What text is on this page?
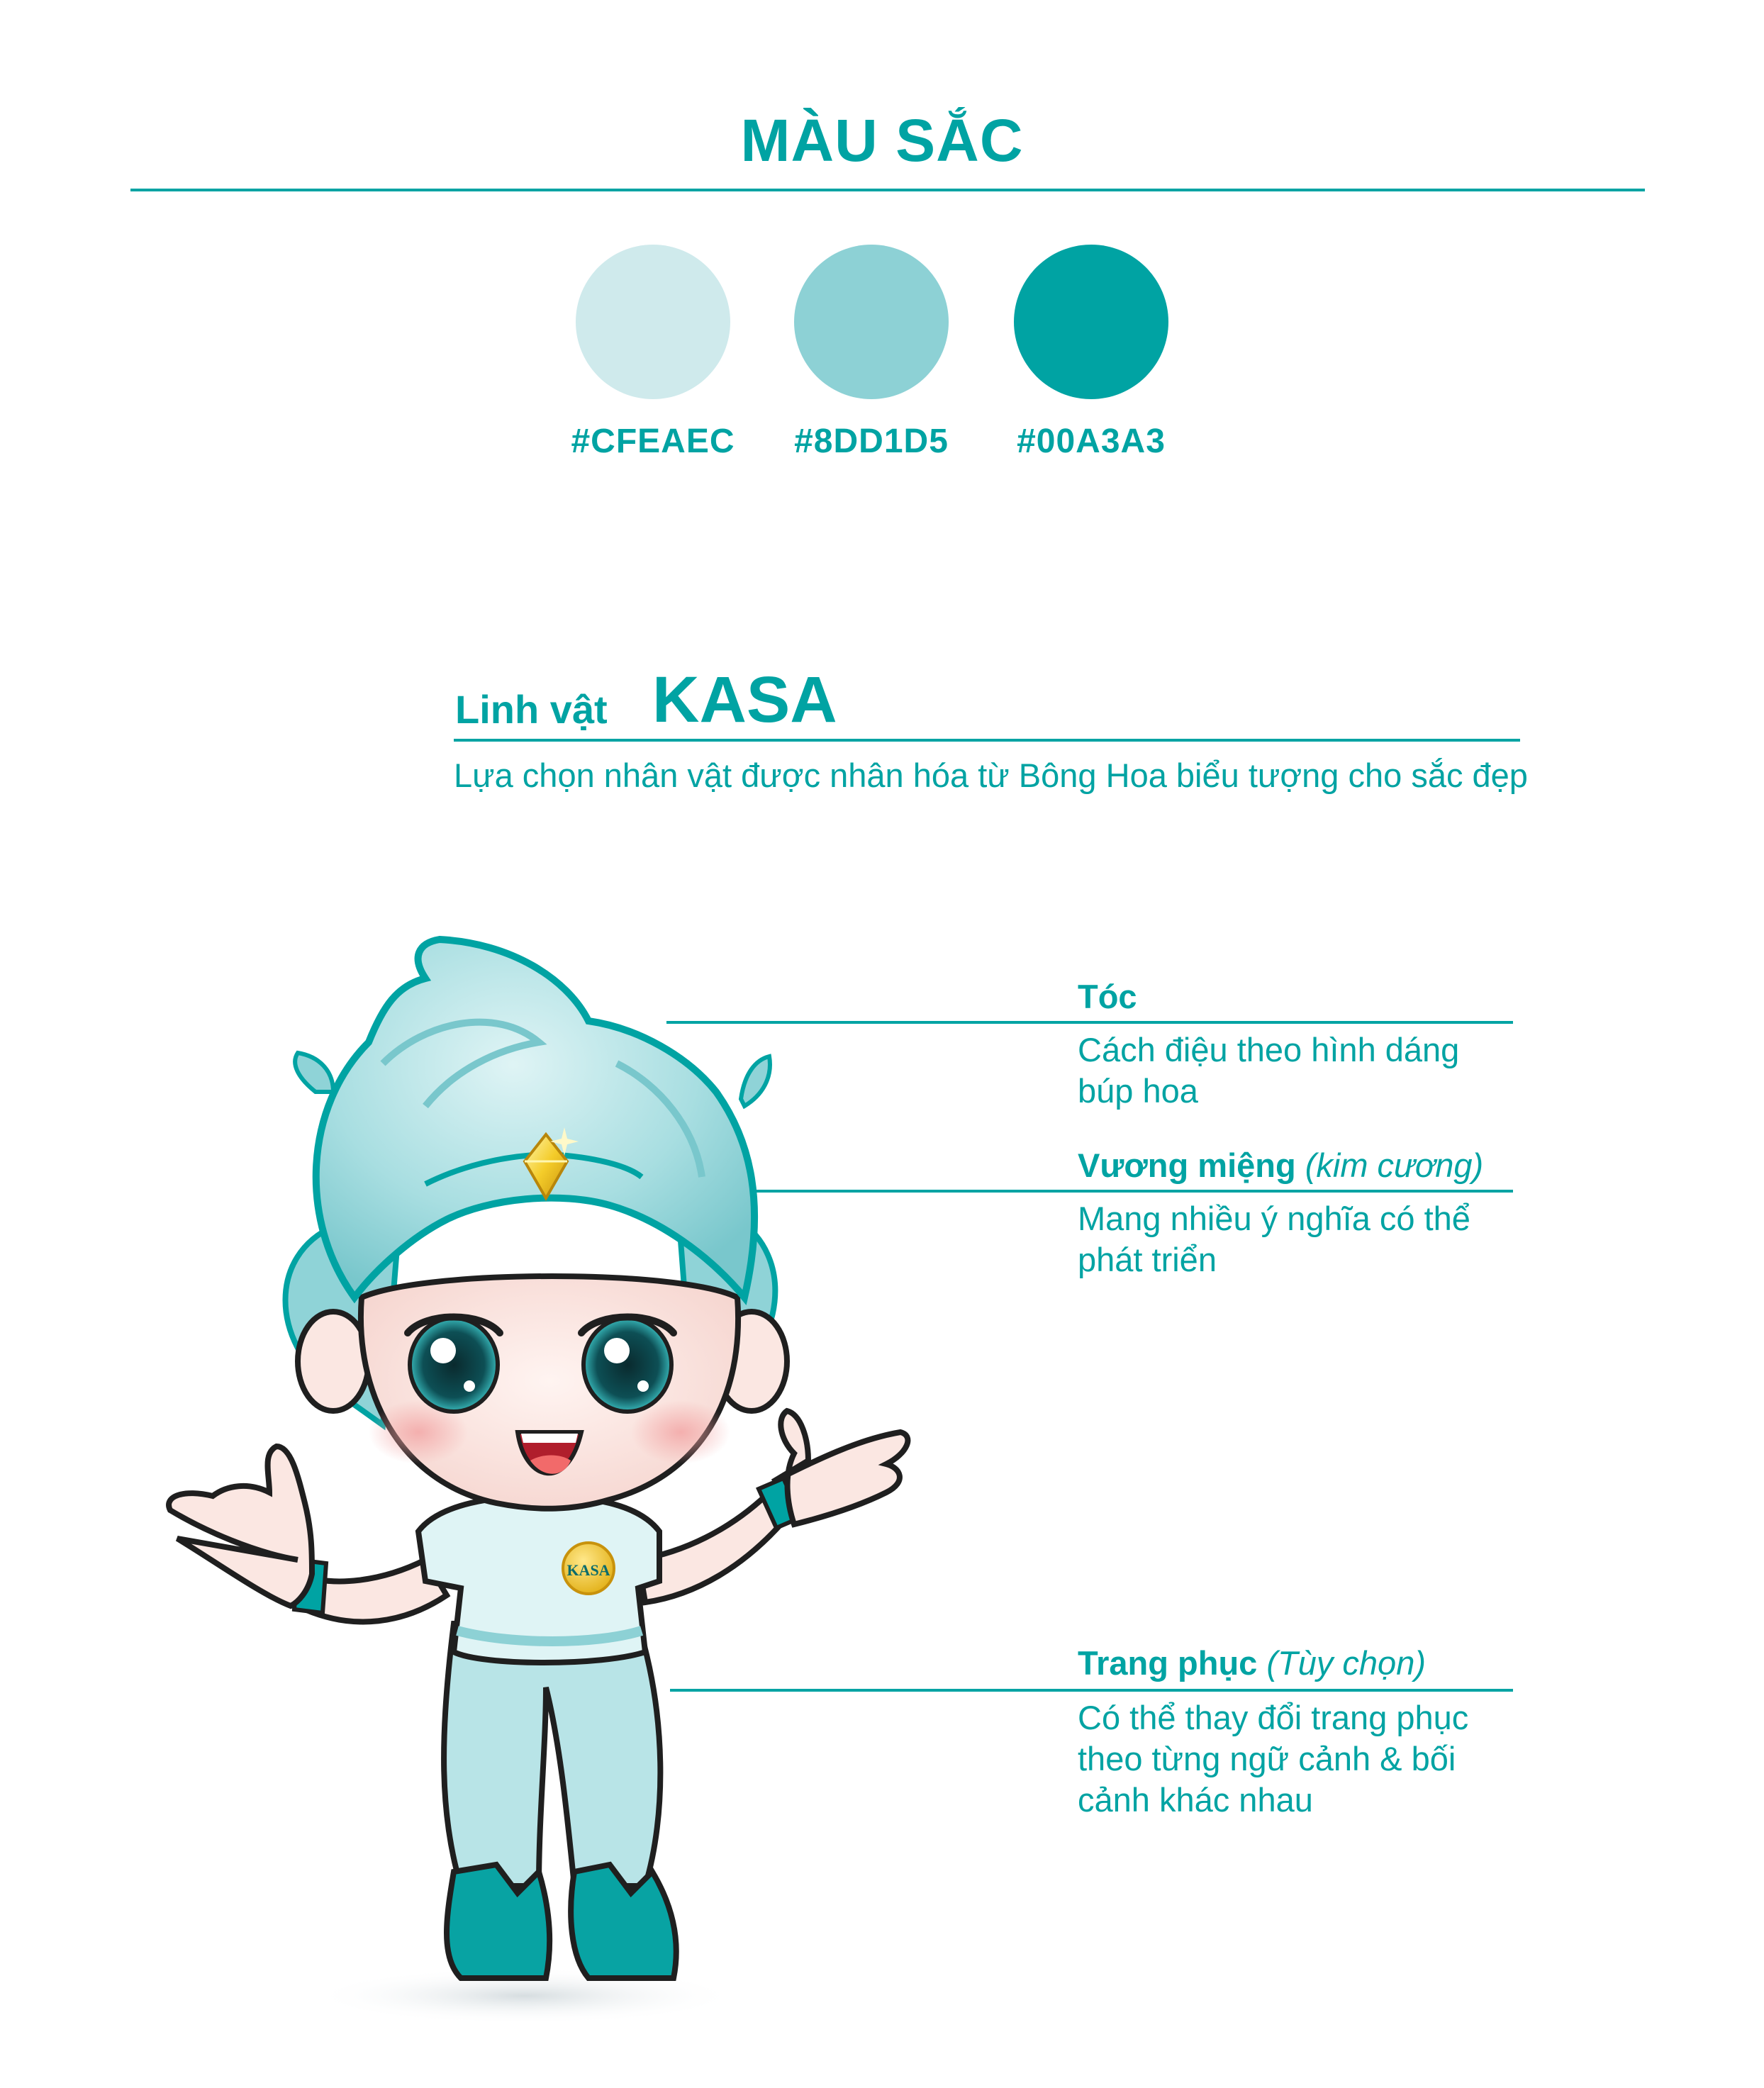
MÀU SẮC
#CFEAEC	#8DD1D5	#00A3A3
Linh vật KASA
Lựa chọn nhân vật được nhân hóa từ Bông Hoa biểu tượng cho sắc đẹp
Tóc
Cách điệu theo hình dáng búp hoa
Vương miệng (kim cương)
Mang nhiều ý nghĩa có thể phát triển
Trang phục (Tùy chọn)
Có thể thay đổi trang phục theo từng ngữ cảnh & bối cảnh khác nhau
KASA
